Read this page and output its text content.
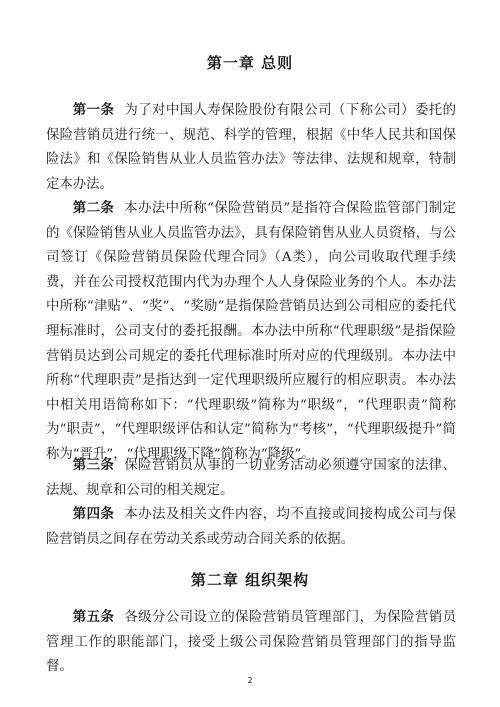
第一章 总则

第一条 为了对中国人寿保险股份有限公司（下称公司）委托的保险营销员进行统一、规范、科学的管理，根据《中华人民共和国保险法》和《保险销售从业人员监管办法》等法律、法规和规章，特制定本办法。

第二条 本办法中所称“保险营销员”是指符合保险监管部门制定的《保险销售从业人员监管办法》，具有保险销售从业人员资格，与公司签订《保险营销员保险代理合同》（A类），向公司收取代理手续费，并在公司授权范围内代为办理个人人身保险业务的个人。本办法中所称“津贴”、“奖”、“奖励”是指保险营销员达到公司相应的委托代理标准时，公司支付的委托报酬。本办法中所称“代理职级”是指保险营销员达到公司规定的委托代理标准时所对应的代理级别。本办法中所称“代理职责”是指达到一定代理职级所应履行的相应职责。本办法中相关用语简称如下：“代理职级”简称为“职级”，“代理职责”简称为“职责”，“代理职级评估和认定”简称为“考核”，“代理职级提升”简称为“晋升”，“代理职级下降”简称为“降级”。

第三条 保险营销员从事的一切业务活动必须遵守国家的法律、法规、规章和公司的相关规定。

第四条 本办法及相关文件内容，均不直接或间接构成公司与保险营销员之间存在劳动关系或劳动合同关系的依据。

第二章 组织架构

第五条 各级分公司设立的保险营销员管理部门，为保险营销员管理工作的职能部门，接受上级公司保险营销员管理部门的指导监督。

2
